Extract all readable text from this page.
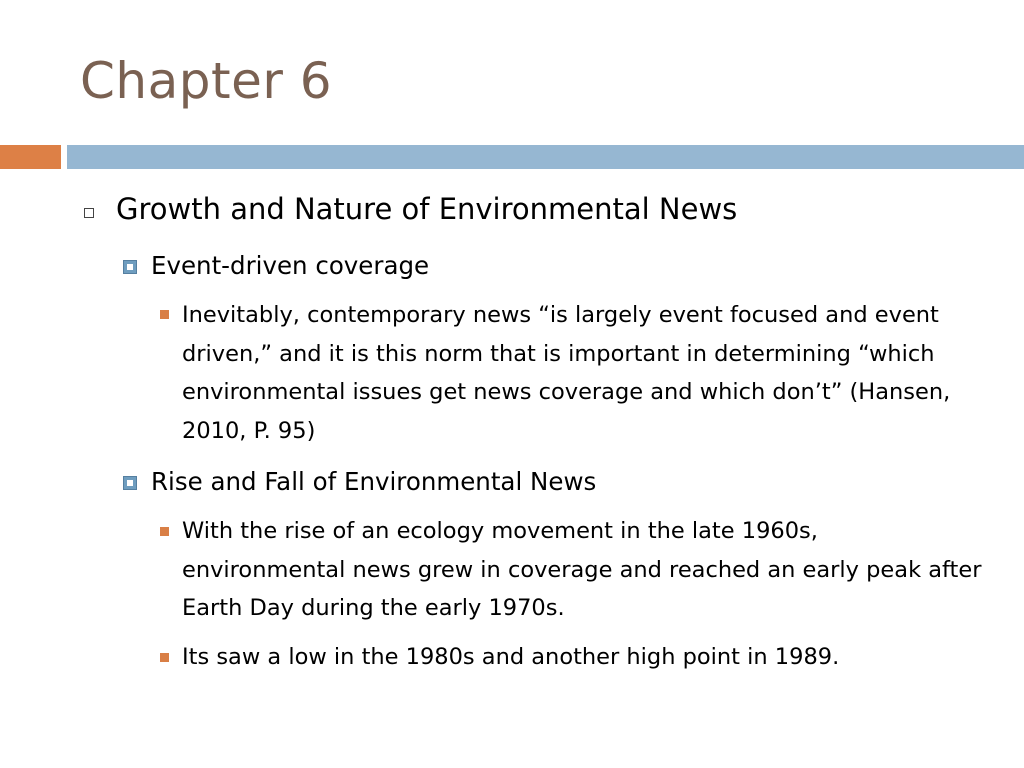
Chapter 6
Growth and Nature of Environmental News
Event-driven coverage
Inevitably, contemporary news “is largely event focused and event driven,” and it is this norm that is important in determining “which environmental issues get news coverage and which don’t” (Hansen, 2010, P. 95)
Rise and Fall of Environmental News
With the rise of an ecology movement in the late 1960s, environmental news grew in coverage and reached an early peak after Earth Day during the early 1970s.
Its saw a low in the 1980s and another high point in 1989.
